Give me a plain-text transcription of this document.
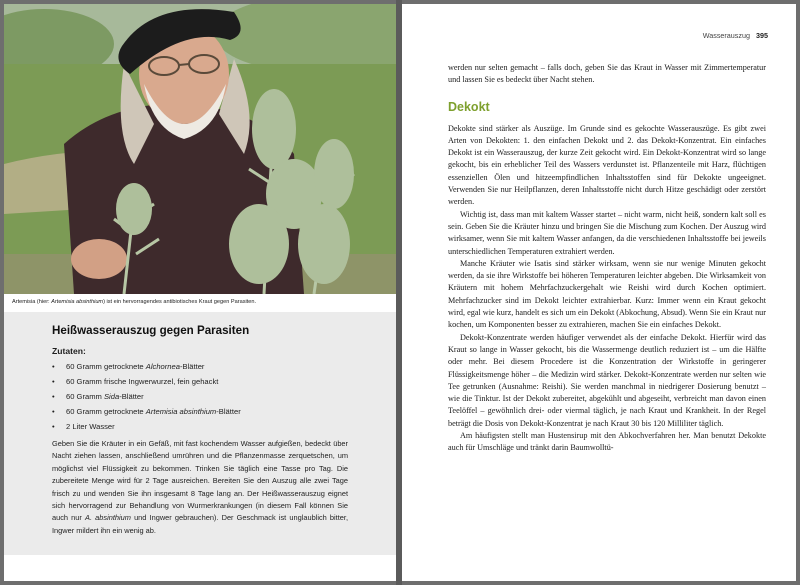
Artemisia (hier: Artemisia absinthium) ist ein hervorragendes antibiotisches Kraut gegen Parasiten.
Heißwasserauszug gegen Parasiten
Zutaten:
• 60 Gramm getrocknete Alchornea-Blätter
• 60 Gramm frische Ingwerwurzel, fein gehackt
• 60 Gramm Sida-Blätter
• 60 Gramm getrocknete Artemisia absinthium-Blätter
• 2 Liter Wasser

Geben Sie die Kräuter in ein Gefäß, mit fast kochendem Wasser aufgießen, bedeckt über Nacht ziehen lassen, anschließend umrühren und die Pflanzenmasse zerquetschen, um möglichst viel Flüssigkeit zu bekommen. Trinken Sie täglich eine Tasse pro Tag. Die zubereitete Menge wird für 2 Tage ausreichen. Bereiten Sie den Auszug alle zwei Tage frisch zu und wenden Sie ihn insgesamt 8 Tage lang an. Der Heißwasserauszug eignet sich hervorragend zur Behandlung von Wurmerkrankungen (in diesem Fall können Sie auch nur A. absinthium und Ingwer gebrauchen). Der Geschmack ist unglaublich bitter, Ingwer mildert ihn ein wenig ab.

Wasserauszug 395

werden nur selten gemacht – falls doch, geben Sie das Kraut in Wasser mit Zimmertemperatur und lassen Sie es bedeckt über Nacht stehen.

Dekokt

Dekokte sind stärker als Auszüge. Im Grunde sind es gekochte Wasserauszüge. Es gibt zwei Arten von Dekokten: 1. den einfachen Dekokt und 2. das Dekokt-Konzentrat. Ein einfaches Dekokt ist ein Wasserauszug, der kurze Zeit gekocht wird. Ein Dekokt-Konzentrat wird so lange gekocht, bis ein erheblicher Teil des Wassers verdunstet ist. Pflanzenteile mit Harz, flüchtigen essenziellen Ölen und hitzeempfindlichen Inhaltsstoffen sind für Dekokte ungeeignet. Verwenden Sie nur Heilpflanzen, deren Inhaltsstoffe nicht durch Hitze geschädigt oder zerstört werden.

Wichtig ist, dass man mit kaltem Wasser startet – nicht warm, nicht heiß, sondern kalt soll es sein. Geben Sie die Kräuter hinzu und bringen Sie die Mischung zum Kochen. Der Auszug wird wirksamer, wenn Sie mit kaltem Wasser anfangen, da die verschiedenen Inhaltsstoffe bei jeweils unterschiedlichen Temperaturen extrahiert werden.

Manche Kräuter wie Isatis sind stärker wirksam, wenn sie nur wenige Minuten gekocht werden, da sie ihre Wirkstoffe bei höheren Temperaturen leichter abgeben. Die Wirksamkeit von Kräutern mit hohem Mehrfachzuckergehalt wie Reishi wird durch Kochen optimiert. Mehrfachzucker sind im Dekokt leichter extrahierbar. Kurz: Immer wenn ein Kraut gekocht wird, egal wie kurz, handelt es sich um ein Dekokt (Abkochung, Absud). Wenn Sie ein Kraut nur kochen, um Komponenten besser zu extrahieren, machen Sie ein einfaches Dekokt.

Dekokt-Konzentrate werden häufiger verwendet als der einfache Dekokt. Hierfür wird das Kraut so lange in Wasser gekocht, bis die Wassermenge deutlich reduziert ist – um die Hälfte oder mehr. Bei diesem Procedere ist die Konzentration der Wirkstoffe in geringerer Flüssigkeitsmenge höher – die Medizin wird stärker. Dekokt-Konzentrate werden nur selten wie Tee getrunken (Ausnahme: Reishi). Sie werden manchmal in niedrigerer Dosierung benutzt – wie die Tinktur. Ist der Dekokt zubereitet, abgekühlt und abgeseiht, verbreicht man davon einen Teelöffel – gewöhnlich drei- oder viermal täglich, je nach Kraut und Krankheit. In der Regel beträgt die Dosis von Dekokt-Konzentrat je nach Kraut 30 bis 120 Milliliter täglich.

Am häufigsten stellt man Hustensirup mit den Abkochverfahren her. Man benutzt Dekokte auch für Umschläge und tränkt darin Baumwolltü-
